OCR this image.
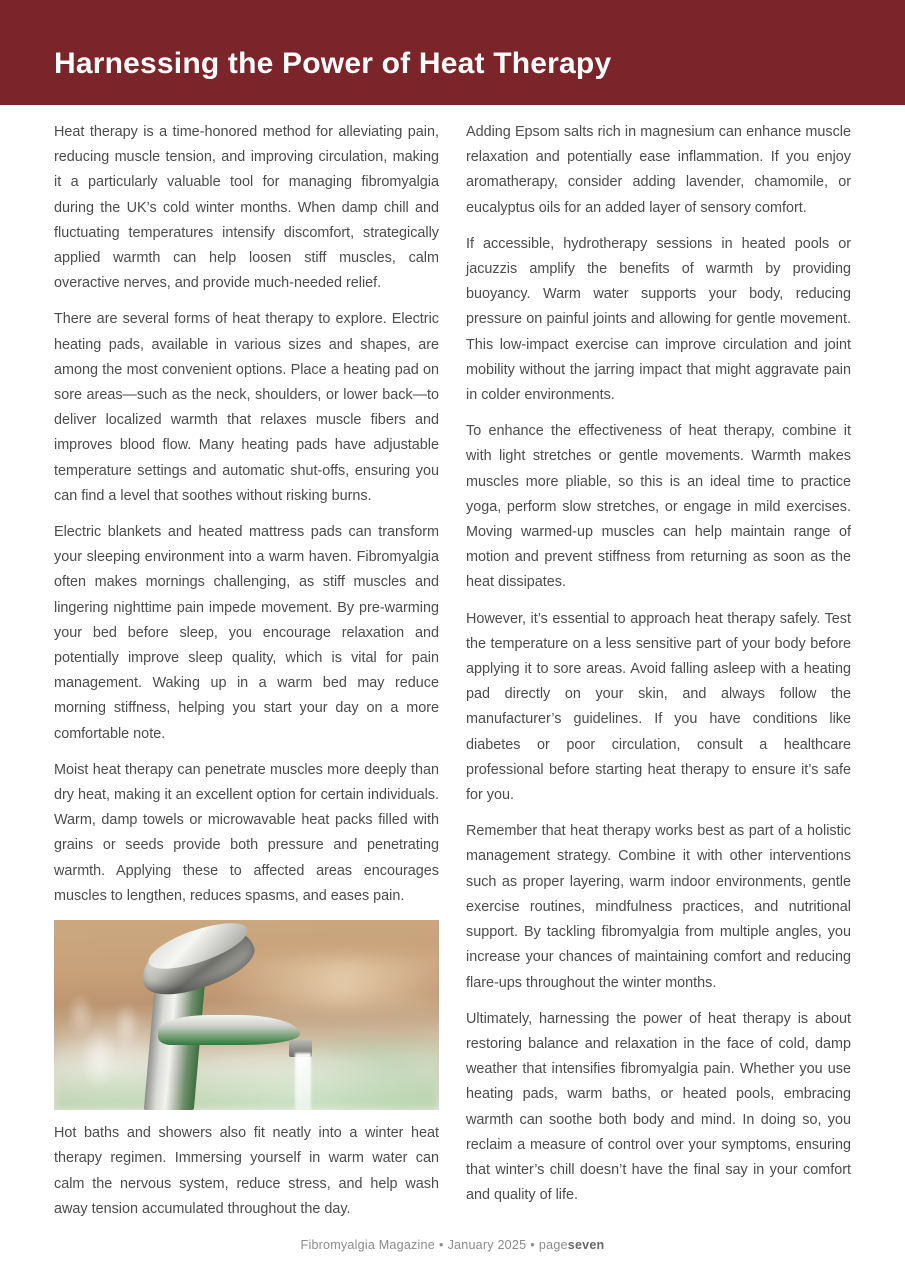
Harnessing the Power of Heat Therapy

Heat therapy is a time-honored method for alleviating pain, reducing muscle tension, and improving circulation, making it a particularly valuable tool for managing fibromyalgia during the UK’s cold winter months. When damp chill and fluctuating temperatures intensify discomfort, strategically applied warmth can help loosen stiff muscles, calm overactive nerves, and provide much-needed relief.

There are several forms of heat therapy to explore. Electric heating pads, available in various sizes and shapes, are among the most convenient options. Place a heating pad on sore areas—such as the neck, shoulders, or lower back—to deliver localized warmth that relaxes muscle fibers and improves blood flow. Many heating pads have adjustable temperature settings and automatic shut-offs, ensuring you can find a level that soothes without risking burns.

Electric blankets and heated mattress pads can transform your sleeping environment into a warm haven. Fibromyalgia often makes mornings challenging, as stiff muscles and lingering nighttime pain impede movement. By pre-warming your bed before sleep, you encourage relaxation and potentially improve sleep quality, which is vital for pain management. Waking up in a warm bed may reduce morning stiffness, helping you start your day on a more comfortable note.

Moist heat therapy can penetrate muscles more deeply than dry heat, making it an excellent option for certain individuals. Warm, damp towels or microwavable heat packs filled with grains or seeds provide both pressure and penetrating warmth. Applying these to affected areas encourages muscles to lengthen, reduces spasms, and eases pain.

Hot baths and showers also fit neatly into a winter heat therapy regimen. Immersing yourself in warm water can calm the nervous system, reduce stress, and help wash away tension accumulated throughout the day.

Adding Epsom salts rich in magnesium can enhance muscle relaxation and potentially ease inflammation. If you enjoy aromatherapy, consider adding lavender, chamomile, or eucalyptus oils for an added layer of sensory comfort.

If accessible, hydrotherapy sessions in heated pools or jacuzzis amplify the benefits of warmth by providing buoyancy. Warm water supports your body, reducing pressure on painful joints and allowing for gentle movement. This low-impact exercise can improve circulation and joint mobility without the jarring impact that might aggravate pain in colder environments.

To enhance the effectiveness of heat therapy, combine it with light stretches or gentle movements. Warmth makes muscles more pliable, so this is an ideal time to practice yoga, perform slow stretches, or engage in mild exercises. Moving warmed-up muscles can help maintain range of motion and prevent stiffness from returning as soon as the heat dissipates.

However, it’s essential to approach heat therapy safely. Test the temperature on a less sensitive part of your body before applying it to sore areas. Avoid falling asleep with a heating pad directly on your skin, and always follow the manufacturer’s guidelines. If you have conditions like diabetes or poor circulation, consult a healthcare professional before starting heat therapy to ensure it’s safe for you.

Remember that heat therapy works best as part of a holistic management strategy. Combine it with other interventions such as proper layering, warm indoor environments, gentle exercise routines, mindfulness practices, and nutritional support. By tackling fibromyalgia from multiple angles, you increase your chances of maintaining comfort and reducing flare-ups throughout the winter months.

Ultimately, harnessing the power of heat therapy is about restoring balance and relaxation in the face of cold, damp weather that intensifies fibromyalgia pain. Whether you use heating pads, warm baths, or heated pools, embracing warmth can soothe both body and mind. In doing so, you reclaim a measure of control over your symptoms, ensuring that winter’s chill doesn’t have the final say in your comfort and quality of life.

Fibromyalgia Magazine • January 2025 • pageseven
